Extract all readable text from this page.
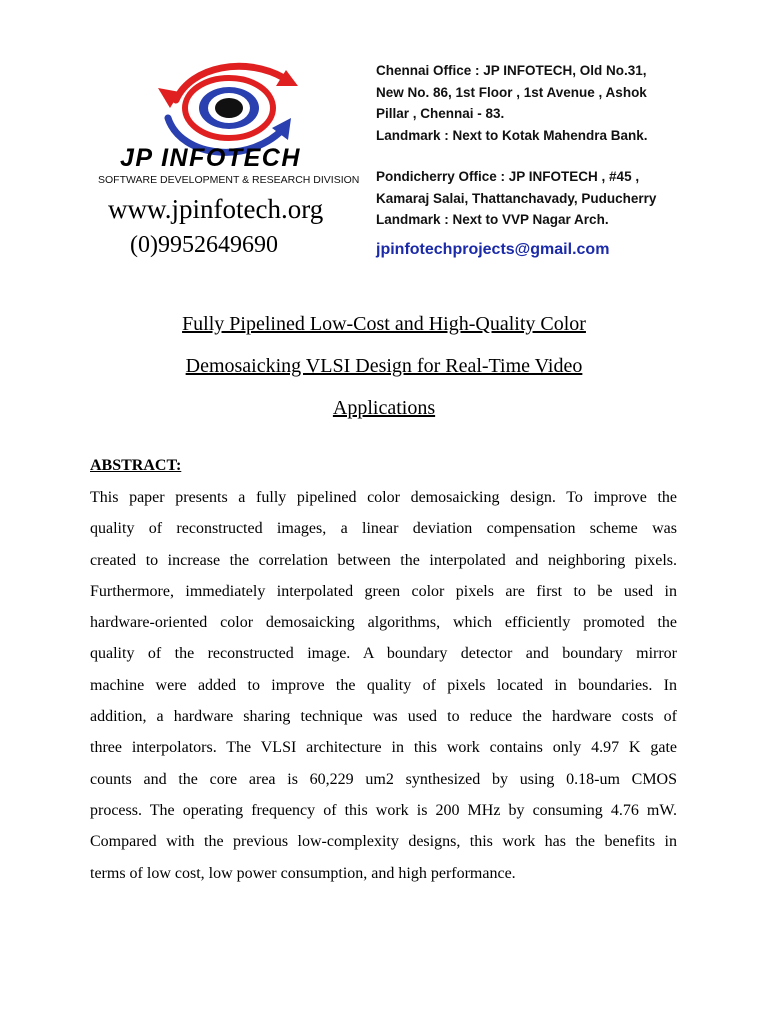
JP INFOTECH
SOFTWARE DEVELOPMENT & RESEARCH DIVISION
www.jpinfotech.org
(0)9952649690
Chennai Office : JP INFOTECH, Old No.31,
New No. 86, 1st Floor , 1st Avenue , Ashok
Pillar , Chennai - 83.
Landmark : Next to Kotak Mahendra Bank.
Pondicherry Office : JP INFOTECH , #45 ,
Kamaraj Salai, Thattanchavady, Puducherry
Landmark : Next to VVP Nagar Arch.
jpinfotechprojects@gmail.com
Fully Pipelined Low-Cost and High-Quality Color
Demosaicking VLSI Design for Real-Time Video
Applications
ABSTRACT:
This paper presents a fully pipelined color demosaicking design. To improve the
quality of reconstructed images, a linear deviation compensation scheme was
created to increase the correlation between the interpolated and neighboring pixels.
Furthermore, immediately interpolated green color pixels are first to be used in
hardware-oriented color demosaicking algorithms, which efficiently promoted the
quality of the reconstructed image. A boundary detector and boundary mirror
machine were added to improve the quality of pixels located in boundaries. In
addition, a hardware sharing technique was used to reduce the hardware costs of
three interpolators. The VLSI architecture in this work contains only 4.97 K gate
counts and the core area is 60,229 um2 synthesized by using 0.18-um CMOS
process. The operating frequency of this work is 200 MHz by consuming 4.76 mW.
Compared with the previous low-complexity designs, this work has the benefits in
terms of low cost, low power consumption, and high performance.
